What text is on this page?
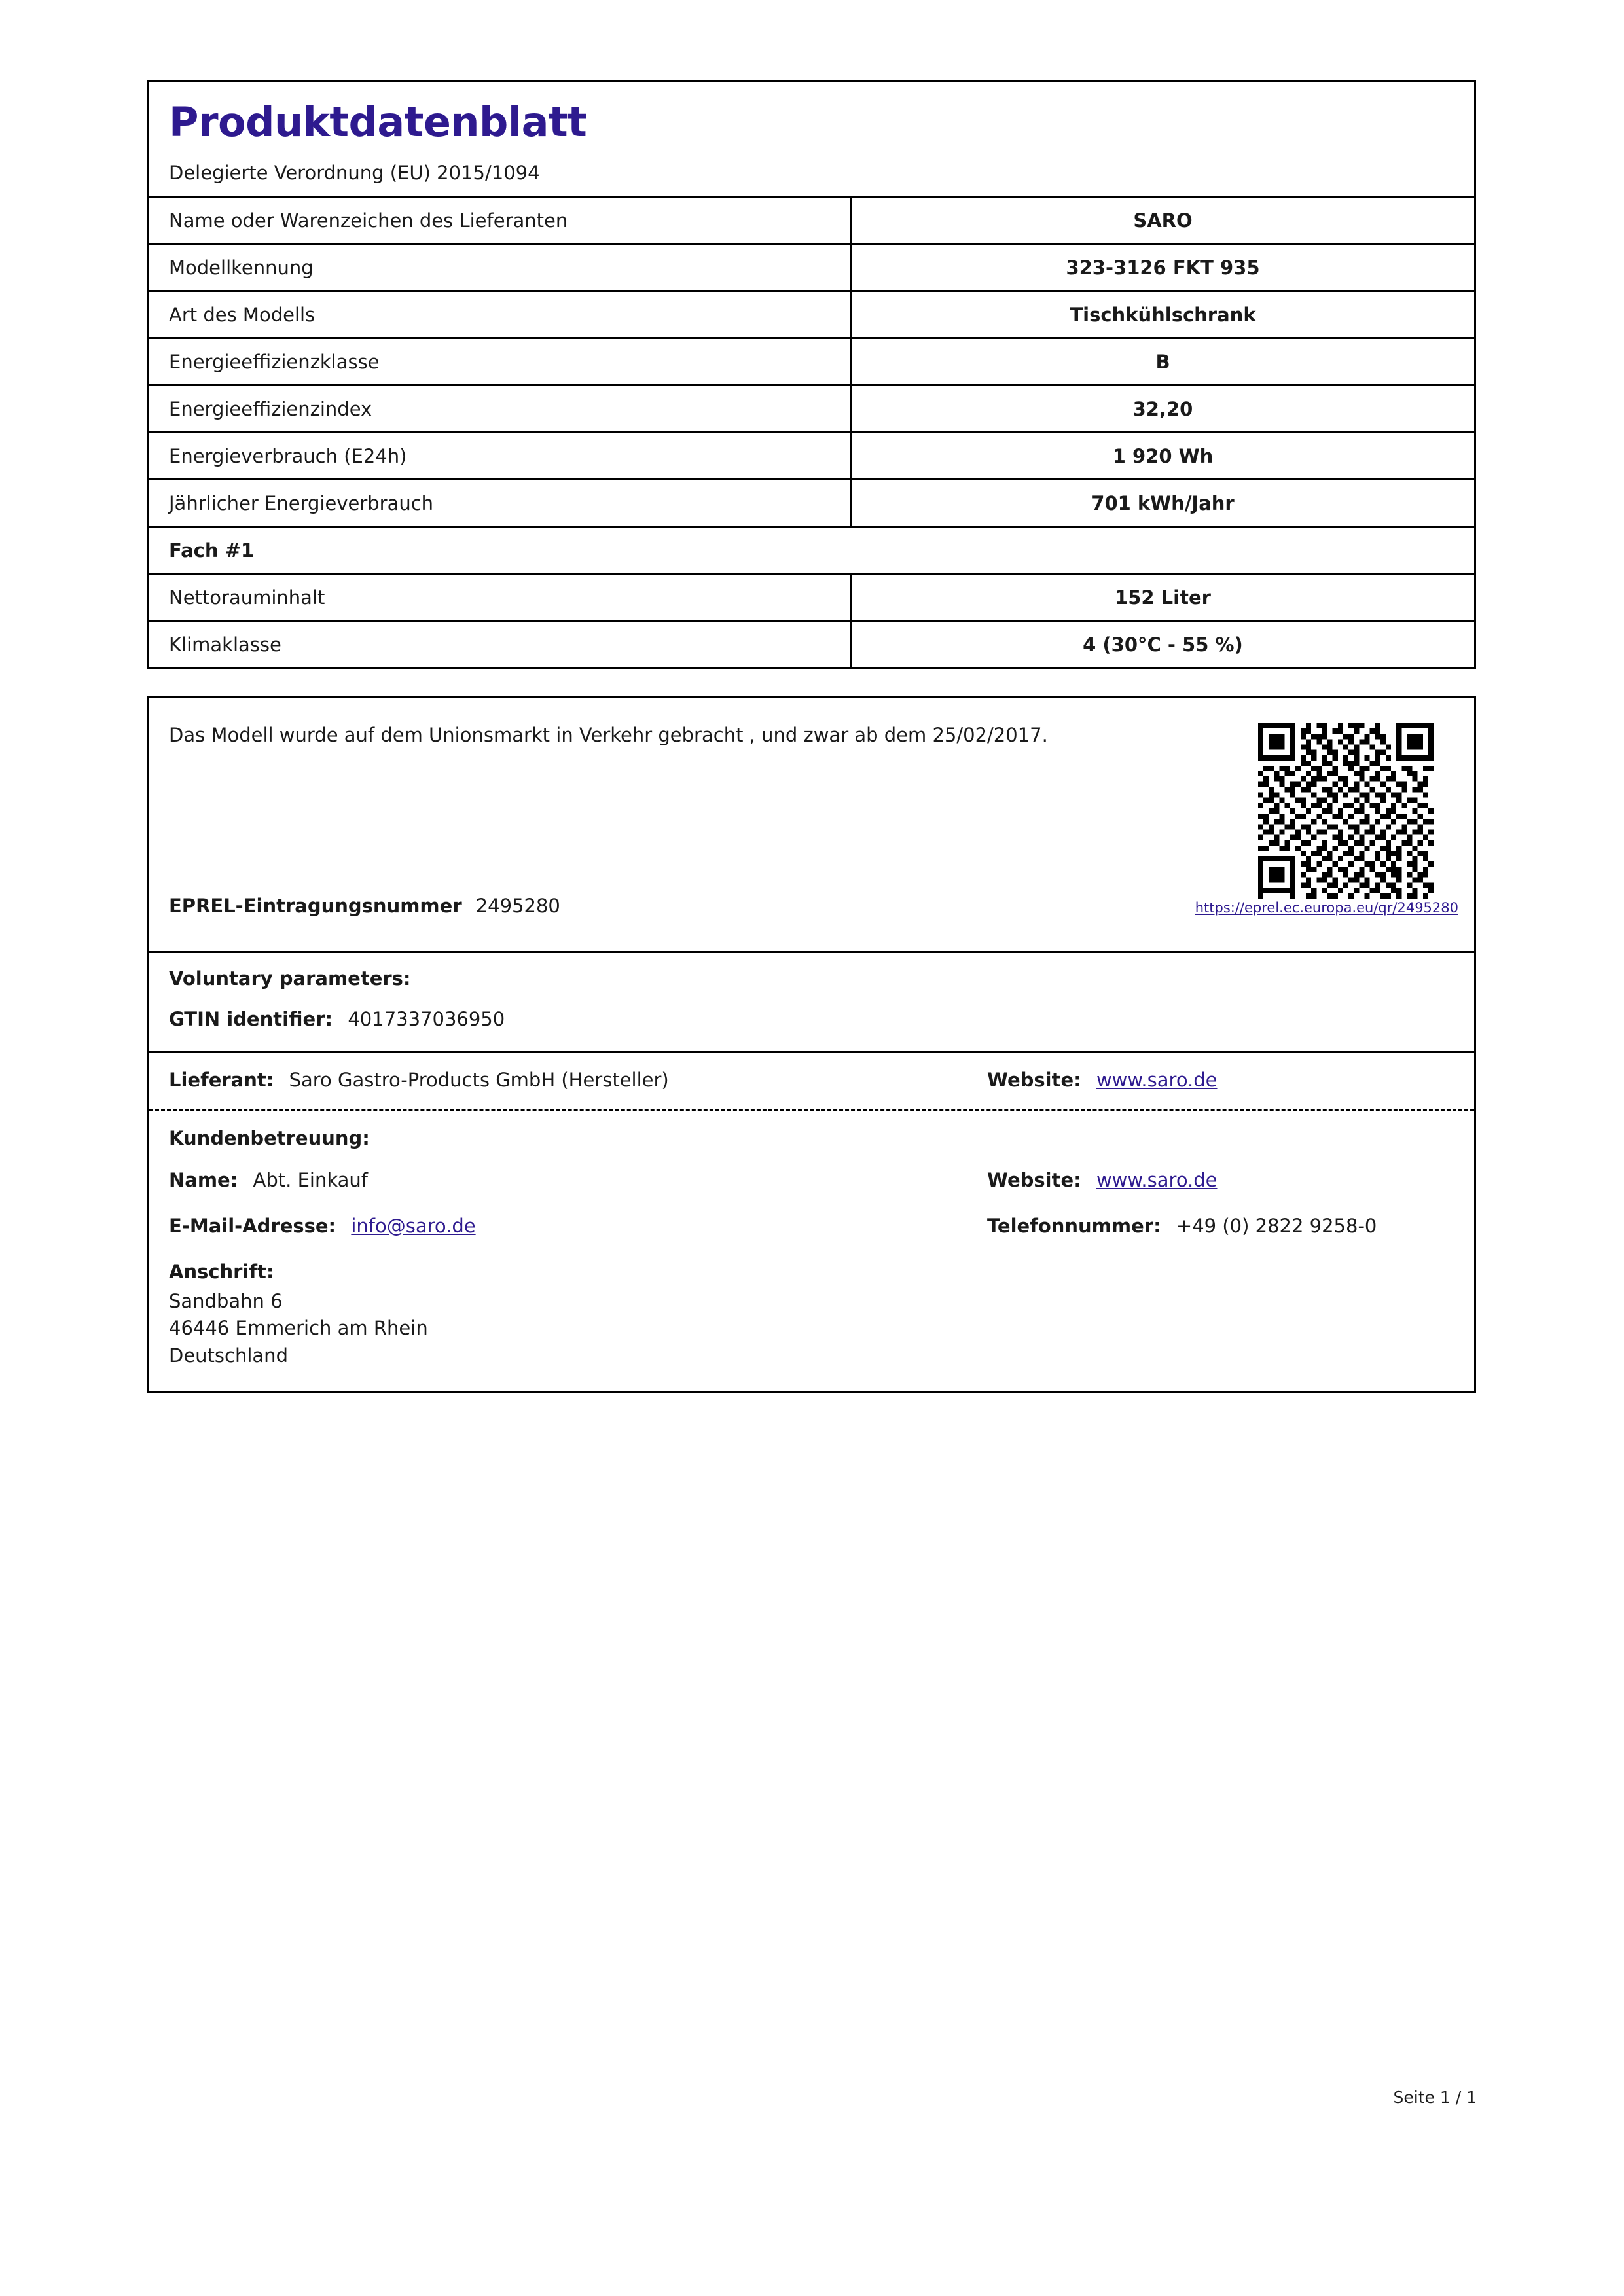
Produktdatenblatt
Delegierte Verordnung (EU) 2015/1094
Name oder Warenzeichen des Lieferanten	SARO
Modellkennung	323-3126 FKT 935
Art des Modells	Tischkühlschrank
Energieeffizienzklasse	B
Energieeffizienzindex	32,20
Energieverbrauch (E24h)	1 920 Wh
Jährlicher Energieverbrauch	701 kWh/Jahr
Fach #1	
Nettorauminhalt	152 Liter
Klimaklasse	4 (30°C - 55 %)
Das Modell wurde auf dem Unionsmarkt in Verkehr gebracht , und zwar ab dem 25/02/2017.
EPREL-Eintragungsnummer 2495280	https://eprel.ec.europa.eu/qr/2495280
Voluntary parameters:
GTIN identifier: 4017337036950
Lieferant: Saro Gastro-Products GmbH (Hersteller)	Website: www.saro.de
Kundenbetreuung:
Name: Abt. Einkauf	Website: www.saro.de
E-Mail-Adresse: info@saro.de	Telefonnummer: +49 (0) 2822 9258-0
Anschrift:
Sandbahn 6
46446 Emmerich am Rhein
Deutschland
Seite 1 / 1
